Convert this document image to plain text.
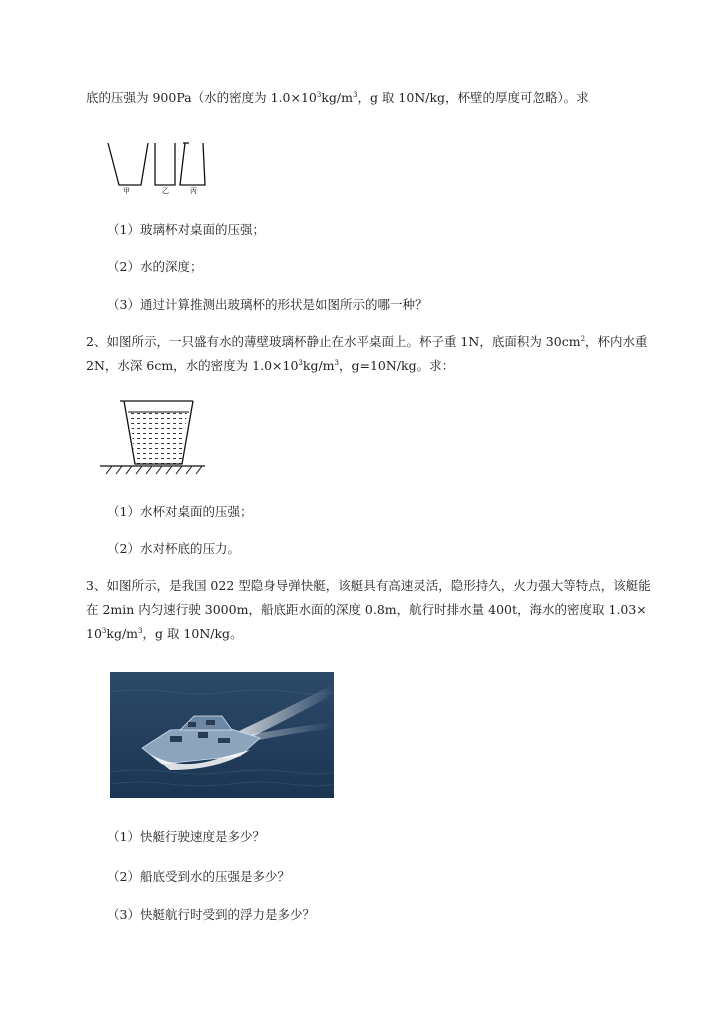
底的压强为 900Pa（水的密度为 $1.0\times 10^3kg/m^3$，g 取 10N/kg，杯壁的厚度可忽略）。求
甲	乙	丙
（1）玻璃杯对桌面的压强；
（2）水的深度；
（3）通过计算推测出玻璃杯的形状是如图所示的哪一种？
2、如图所示，一只盛有水的薄壁玻璃杯静止在水平桌面上。杯子重 1N，底面积为 $30cm^2$，杯内水重
2N，水深 6cm，水的密度为 $1.0\times 10^3kg/m^3$，g=10N/kg。求：
（1）水杯对桌面的压强；
（2）水对杯底的压力。
3、如图所示，是我国 022 型隐身导弹快艇，该艇具有高速灵活，隐形持久，火力强大等特点，该艇能
在 2min 内匀速行驶 3000m，船底距水面的深度 0.8m，航行时排水量 400t，海水的密度取 1.03×
$10^3kg/m^3$，g 取 10N/kg。
（1）快艇行驶速度是多少？
（2）船底受到水的压强是多少？
（3）快艇航行时受到的浮力是多少？
